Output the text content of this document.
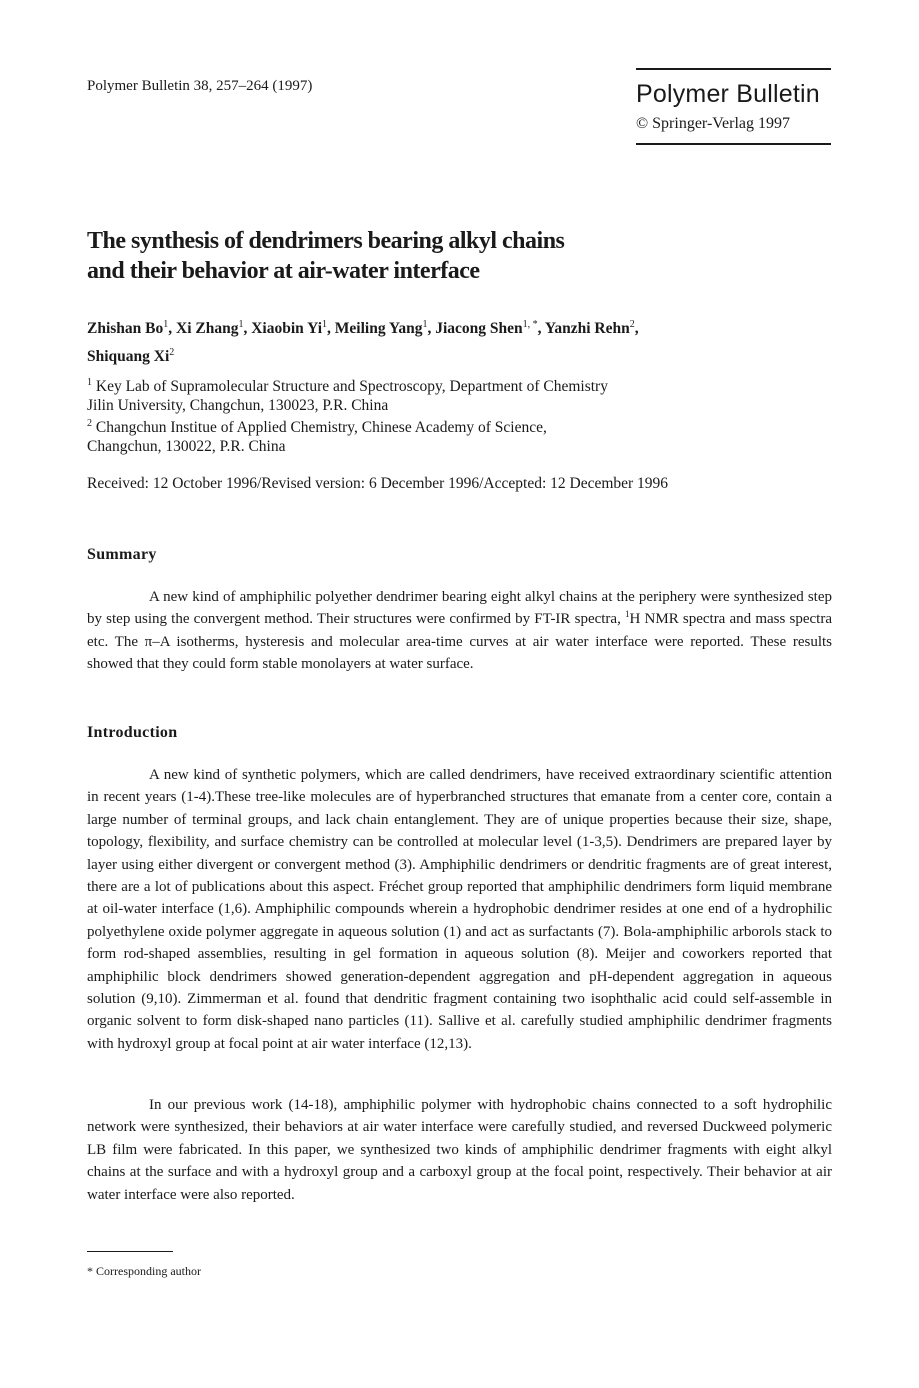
Polymer Bulletin 38, 257–264 (1997)	Polymer Bulletin
© Springer-Verlag 1997
The synthesis of dendrimers bearing alkyl chains
and their behavior at air-water interface
Zhishan Bo$^1$, Xi Zhang$^1$, Xiaobin Yi$^1$, Meiling Yang$^1$, Jiacong Shen$^{1, *}$, Yanzhi Rehn$^2$,
Shiquang Xi$^2$
$^1$ Key Lab of Supramolecular Structure and Spectroscopy, Department of Chemistry
Jilin University, Changchun, 130023, P.R. China
$^2$ Changchun Institue of Applied Chemistry, Chinese Academy of Science,
Changchun, 130022, P.R. China
Received: 12 October 1996/Revised version: 6 December 1996/Accepted: 12 December 1996
Summary
A new kind of amphiphilic polyether dendrimer bearing eight alkyl chains at the periphery were synthesized step by step using the convergent method. Their structures were confirmed by FT-IR spectra, $^1$H NMR spectra and mass spectra etc. The π–A isotherms, hysteresis and molecular area-time curves at air water interface were reported. These results showed that they could form stable monolayers at water surface.
Introduction
A new kind of synthetic polymers, which are called dendrimers, have received extraordinary scientific attention in recent years (1-4).These tree-like molecules are of hyperbranched structures that emanate from a center core, contain a large number of terminal groups, and lack chain entanglement. They are of unique properties because their size, shape, topology, flexibility, and surface chemistry can be controlled at molecular level (1-3,5). Dendrimers are prepared layer by layer using either divergent or convergent method (3). Amphiphilic dendrimers or dendritic fragments are of great interest, there are a lot of publications about this aspect. Fréchet group reported that amphiphilic dendrimers form liquid membrane at oil-water interface (1,6). Amphiphilic compounds wherein a hydrophobic dendrimer resides at one end of a hydrophilic polyethylene oxide polymer aggregate in aqueous solution (1) and act as surfactants (7). Bola-amphiphilic arborols stack to form rod-shaped assemblies, resulting in gel formation in aqueous solution (8). Meijer and coworkers reported that amphiphilic block dendrimers showed generation-dependent aggregation and pH-dependent aggregation in aqueous solution (9,10). Zimmerman et al. found that dendritic fragment containing two isophthalic acid could self-assemble in organic solvent to form disk-shaped nano particles (11). Sallive et al. carefully studied amphiphilic dendrimer fragments with hydroxyl group at focal point at air water interface (12,13).
In our previous work (14-18), amphiphilic polymer with hydrophobic chains connected to a soft hydrophilic network were synthesized, their behaviors at air water interface were carefully studied, and reversed Duckweed polymeric LB film were fabricated. In this paper, we synthesized two kinds of amphiphilic dendrimer fragments with eight alkyl chains at the surface and with a hydroxyl group and a carboxyl group at the focal point, respectively. Their behavior at air water interface were also reported.
* Corresponding author
